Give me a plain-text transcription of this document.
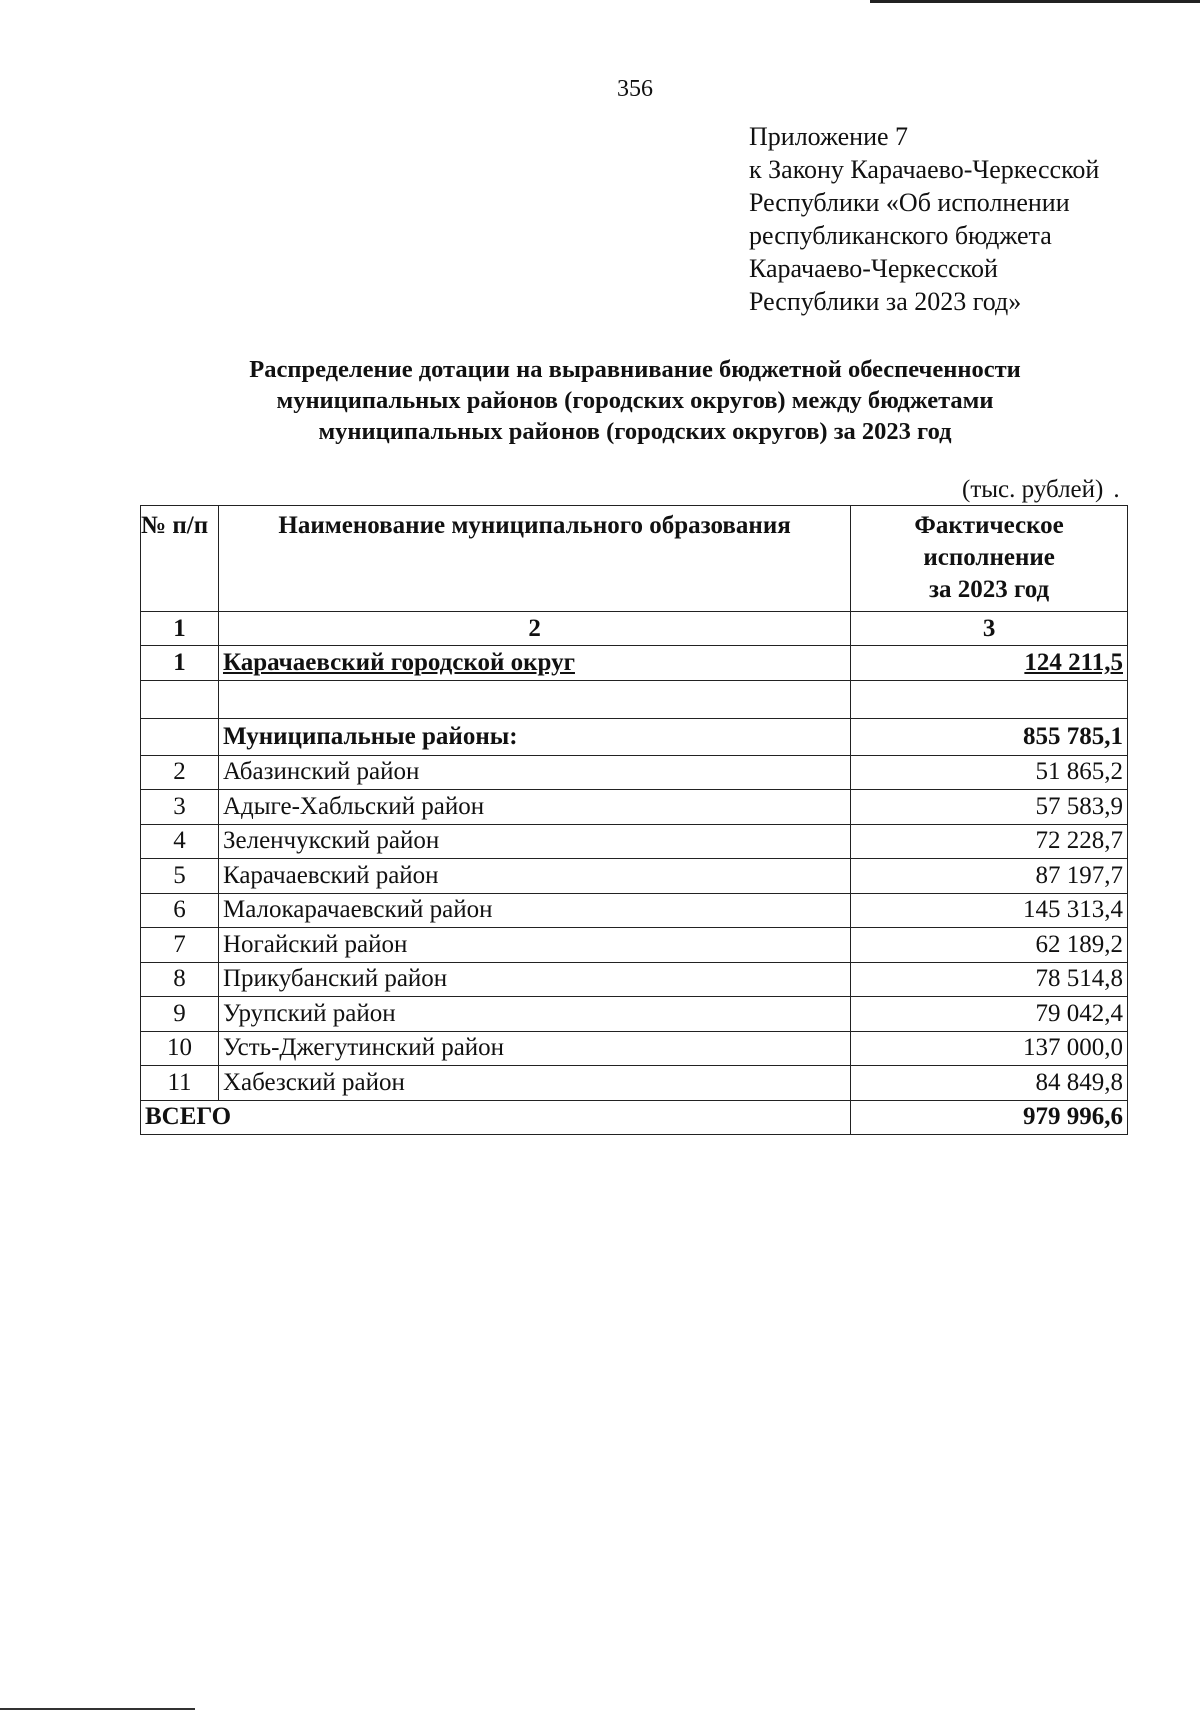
356
Приложение 7
к Закону Карачаево-Черкесской
Республики «Об исполнении
республиканского бюджета
Карачаево-Черкесской
Республики за 2023 год»
Распределение дотации на выравнивание бюджетной обеспеченности
муниципальных районов (городских округов) между бюджетами
муниципальных районов (городских округов) за 2023 год
(тыс. рублей) .
№ п/п	Наименование муниципального образования	Фактическое
исполнение
за 2023 год

1	2	3
1	Карачаевский городской округ	124 211,5

	Муниципальные районы:	855 785,1
2	Абазинский район	51 865,2
3	Адыге-Хабльский район	57 583,9
4	Зеленчукский район	72 228,7
5	Карачаевский район	87 197,7
6	Малокарачаевский район	145 313,4
7	Ногайский район	62 189,2
8	Прикубанский район	78 514,8
9	Урупский район	79 042,4
10	Усть-Джегутинский район	137 000,0
11	Хабезский район	84 849,8
ВСЕГО		979 996,6
